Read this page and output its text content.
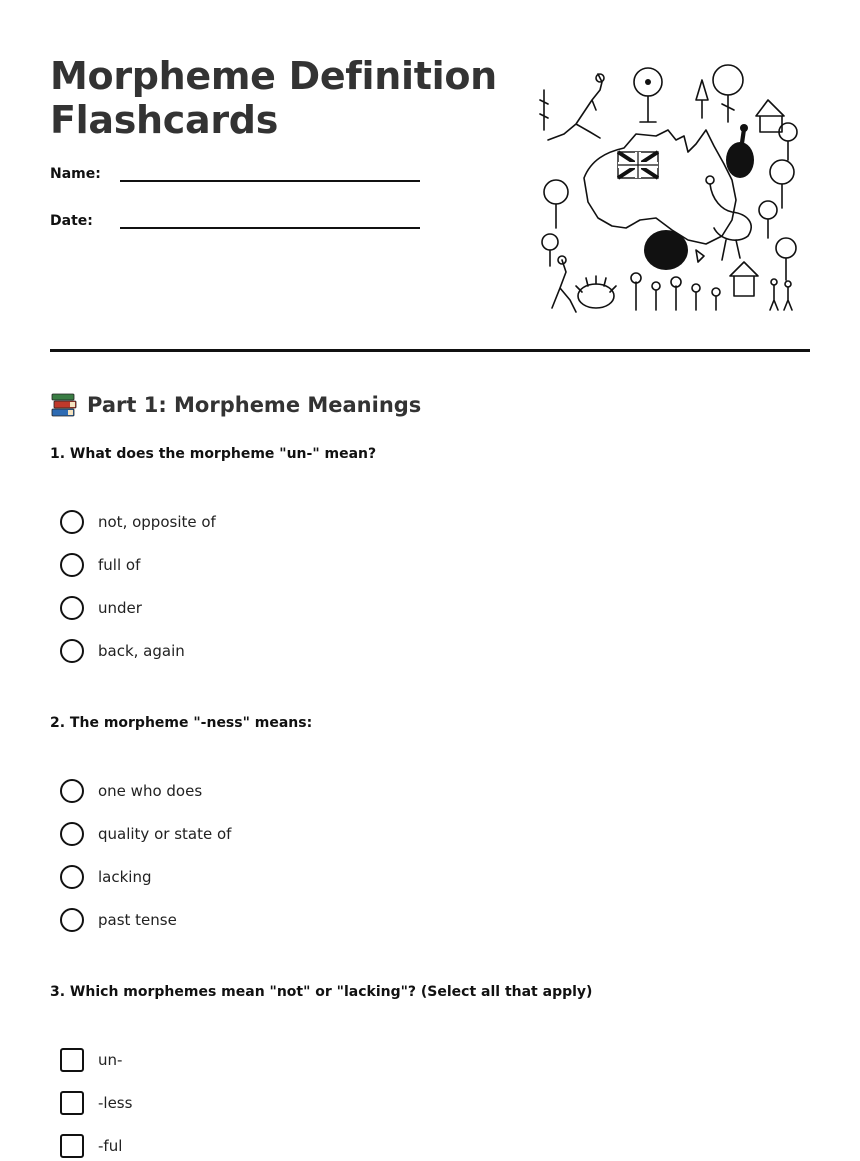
Morpheme Definition Flashcards
Name:
Date:
Part 1: Morpheme Meanings
1. What does the morpheme "un-" mean?
not, opposite of
full of
under
back, again
2. The morpheme "-ness" means:
one who does
quality or state of
lacking
past tense
3. Which morphemes mean "not" or "lacking"? (Select all that apply)
un-
-less
-ful
